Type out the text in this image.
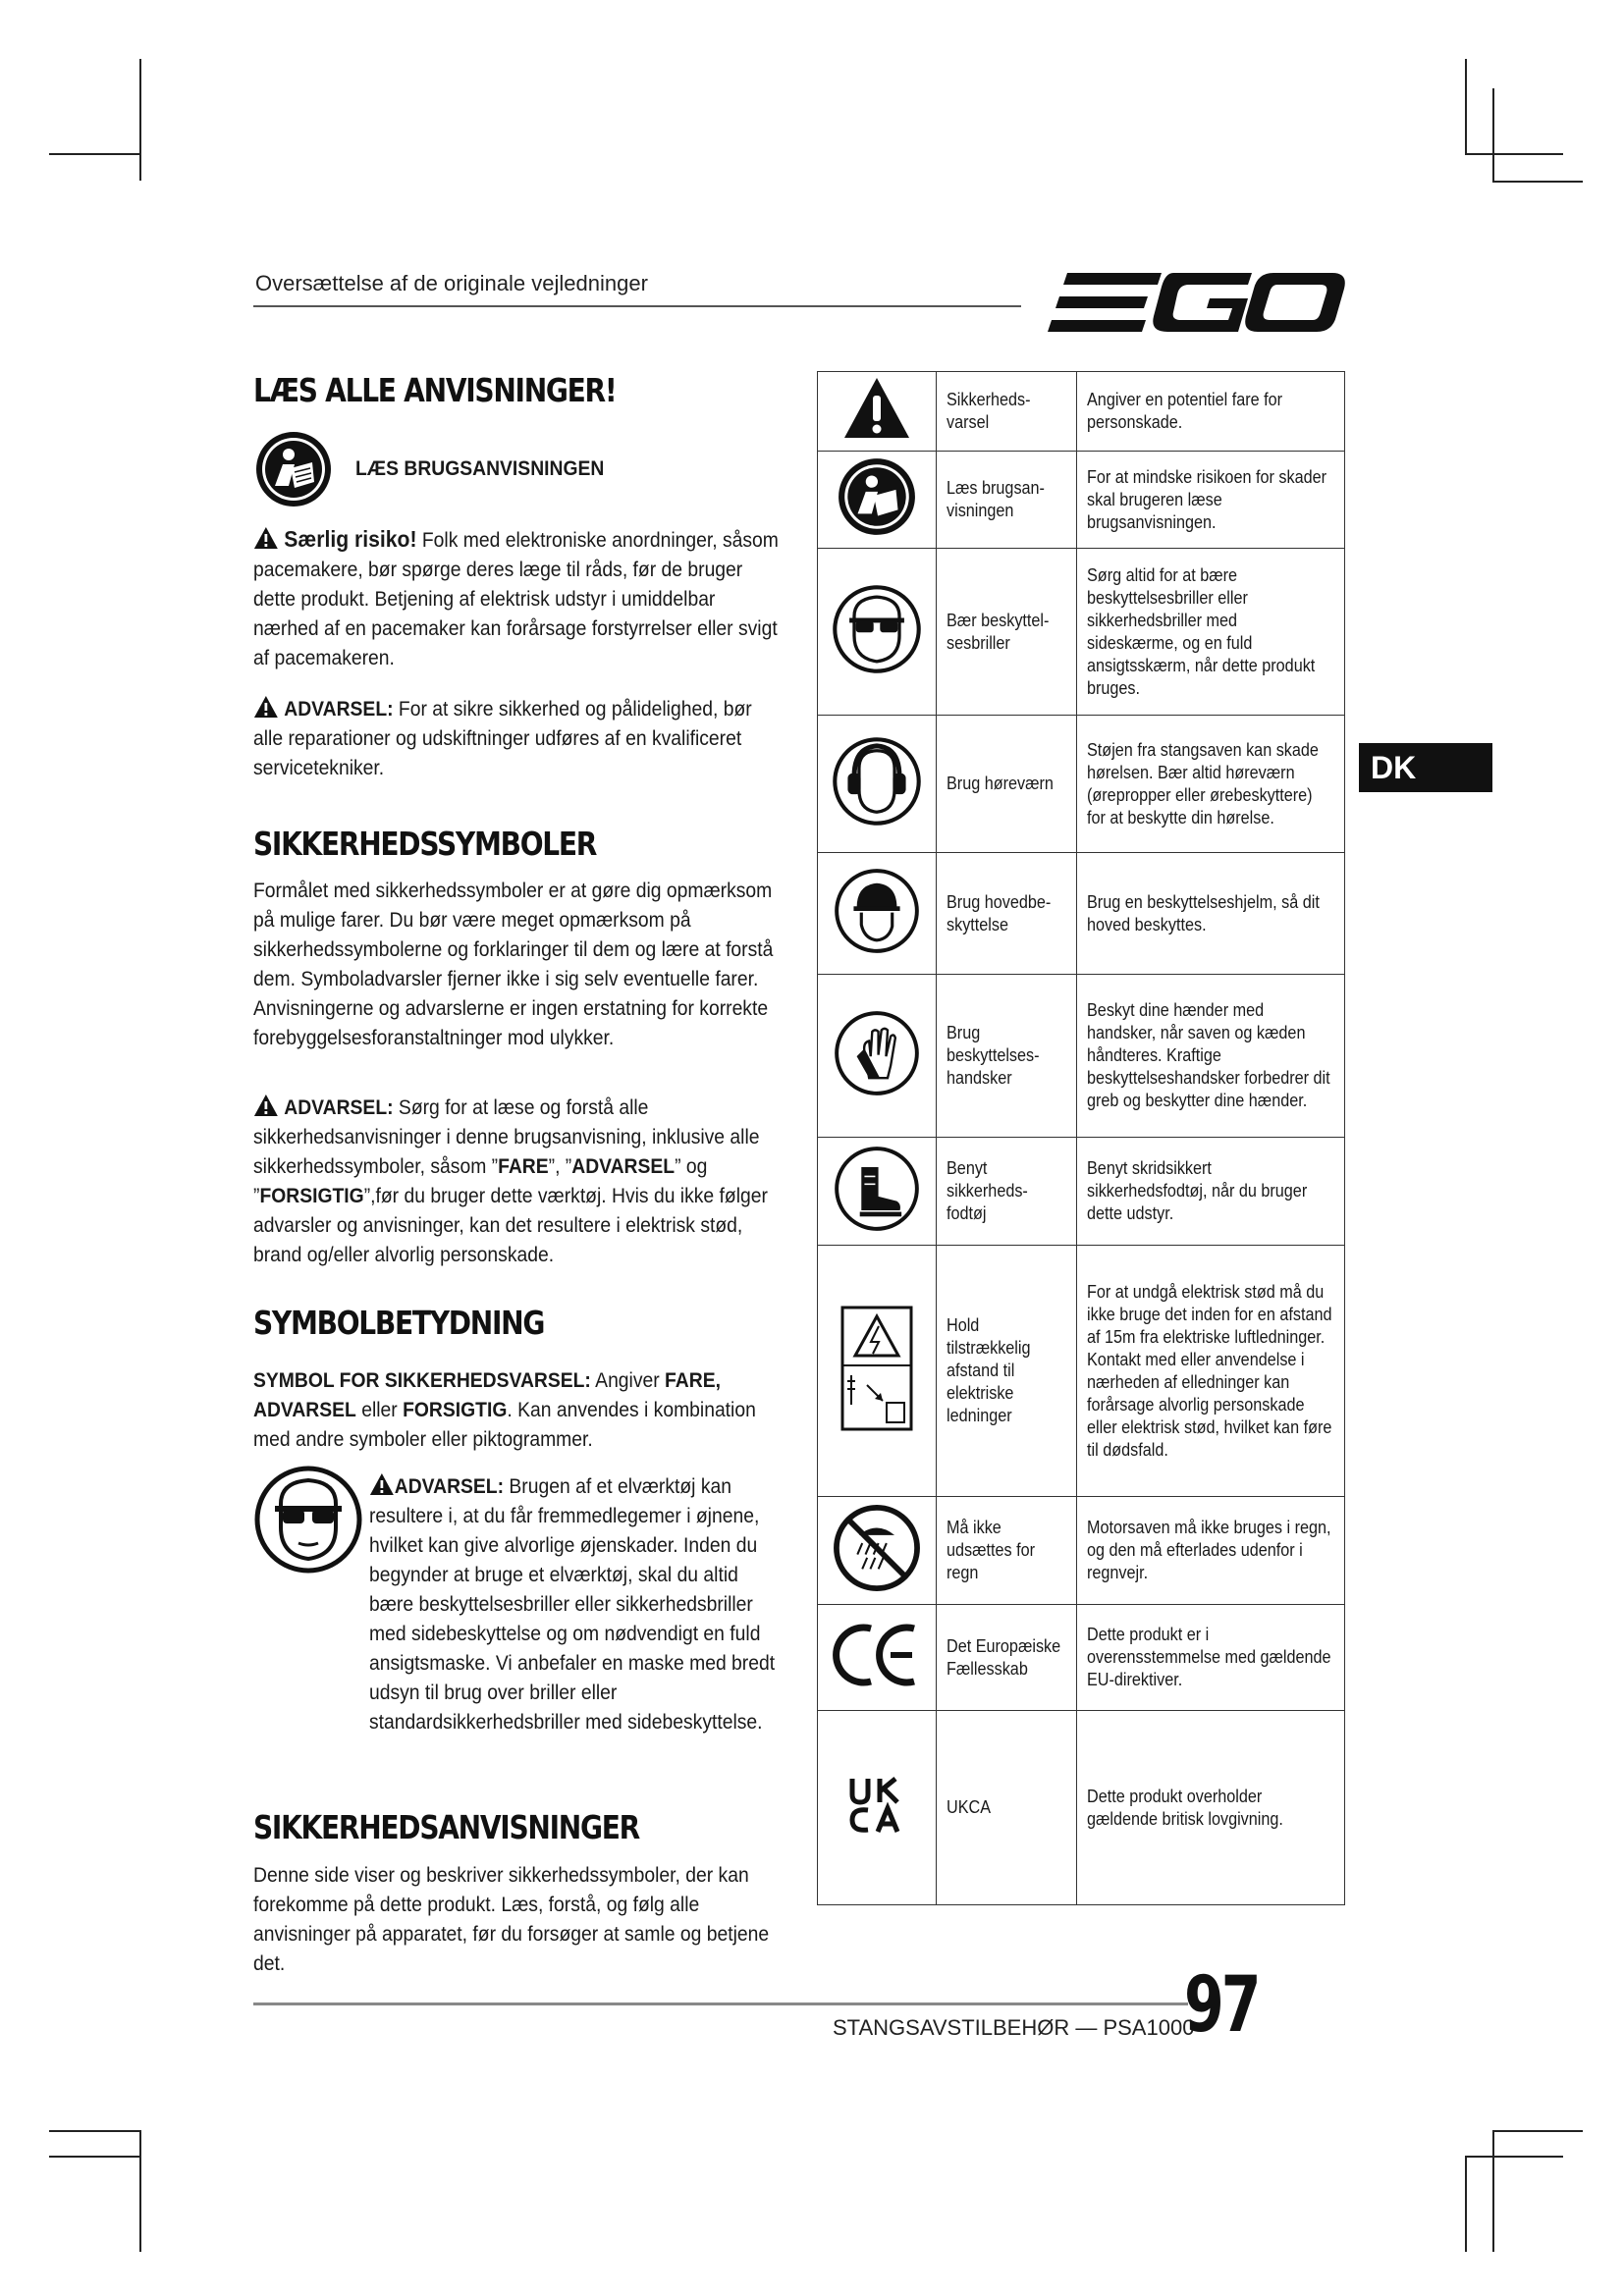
Oversættelse af de originale vejledninger
EGO
DK

LÆS ALLE ANVISNINGER!

LÆS BRUGSANVISNINGEN

Særlig risiko! Folk med elektroniske anordninger, såsom pacemakere, bør spørge deres læge til råds, før de bruger dette produkt. Betjening af elektrisk udstyr i umiddelbar nærhed af en pacemaker kan forårsage forstyrrelser eller svigt af pacemakeren.

ADVARSEL: For at sikre sikkerhed og pålidelighed, bør alle reparationer og udskiftninger udføres af en kvalificeret servicetekniker.

SIKKERHEDSSYMBOLER

Formålet med sikkerhedssymboler er at gøre dig opmærksom på mulige farer. Du bør være meget opmærksom på sikkerhedssymbolerne og forklaringer til dem og lære at forstå dem. Symboladvarsler fjerner ikke i sig selv eventuelle farer. Anvisningerne og advarslerne er ingen erstatning for korrekte forebyggelsesforanstaltninger mod ulykker.

ADVARSEL: Sørg for at læse og forstå alle sikkerhedsanvisninger i denne brugsanvisning, inklusive alle sikkerhedssymboler, såsom ”FARE”, ”ADVARSEL” og ”FORSIGTIG”,før du bruger dette værktøj. Hvis du ikke følger advarsler og anvisninger, kan det resultere i elektrisk stød, brand og/eller alvorlig personskade.

SYMBOLBETYDNING

SYMBOL FOR SIKKERHEDSVARSEL: Angiver FARE, ADVARSEL eller FORSIGTIG. Kan anvendes i kombination med andre symboler eller piktogrammer.

ADVARSEL: Brugen af et elværktøj kan resultere i, at du får fremmedlegemer i øjnene, hvilket kan give alvorlige øjenskader. Inden du begynder at bruge et elværktøj, skal du altid bære beskyttelsesbriller eller sikkerhedsbriller med sidebeskyttelse og om nødvendigt en fuld ansigtsmaske. Vi anbefaler en maske med bredt udsyn til brug over briller eller standardsikkerhedsbriller med sidebeskyttelse.

SIKKERHEDSANVISNINGER

Denne side viser og beskriver sikkerhedssymboler, der kan forekomme på dette produkt. Læs, forstå, og følg alle anvisninger på apparatet, før du forsøger at samle og betjene det.

Sikkerheds-varsel	Angiver en potentiel fare for personskade.

Læs brugsan-visningen	For at mindske risikoen for skader skal brugeren læse brugsanvisningen.

Bær beskyttel-sesbriller	Sørg altid for at bære beskyttelsesbriller eller sikkerhedsbriller med sideskærme, og en fuld ansigtsskærm, når dette produkt bruges.

Brug høreværn	Støjen fra stangsaven kan skade hørelsen. Bær altid høreværn (ørepropper eller ørebeskyttere) for at beskytte din hørelse.

Brug hovedbe-skyttelse	Brug en beskyttelseshjelm, så dit hoved beskyttes.

Brug beskyttelses-handsker	Beskyt dine hænder med handsker, når saven og kæden håndteres. Kraftige beskyttelseshandsker forbedrer dit greb og beskytter dine hænder.

Benyt sikkerheds-fodtøj	Benyt skridsikkert sikkerhedsfodtøj, når du bruger dette udstyr.

Hold tilstrækkelig afstand til elektriske ledninger	For at undgå elektrisk stød må du ikke bruge det inden for en afstand af 15m fra elektriske luftledninger. Kontakt med eller anvendelse i nærheden af elledninger kan forårsage alvorlig personskade eller elektrisk stød, hvilket kan føre til dødsfald.

Må ikke udsættes for regn	Motorsaven må ikke bruges i regn, og den må efterlades udenfor i regnvejr.

Det Europæiske Fællesskab	Dette produkt er i overensstemmelse med gældende EU-direktiver.

UKCA	Dette produkt overholder gældende britisk lovgivning.
STANGSAVSTILBEHØR — PSA1000
97
